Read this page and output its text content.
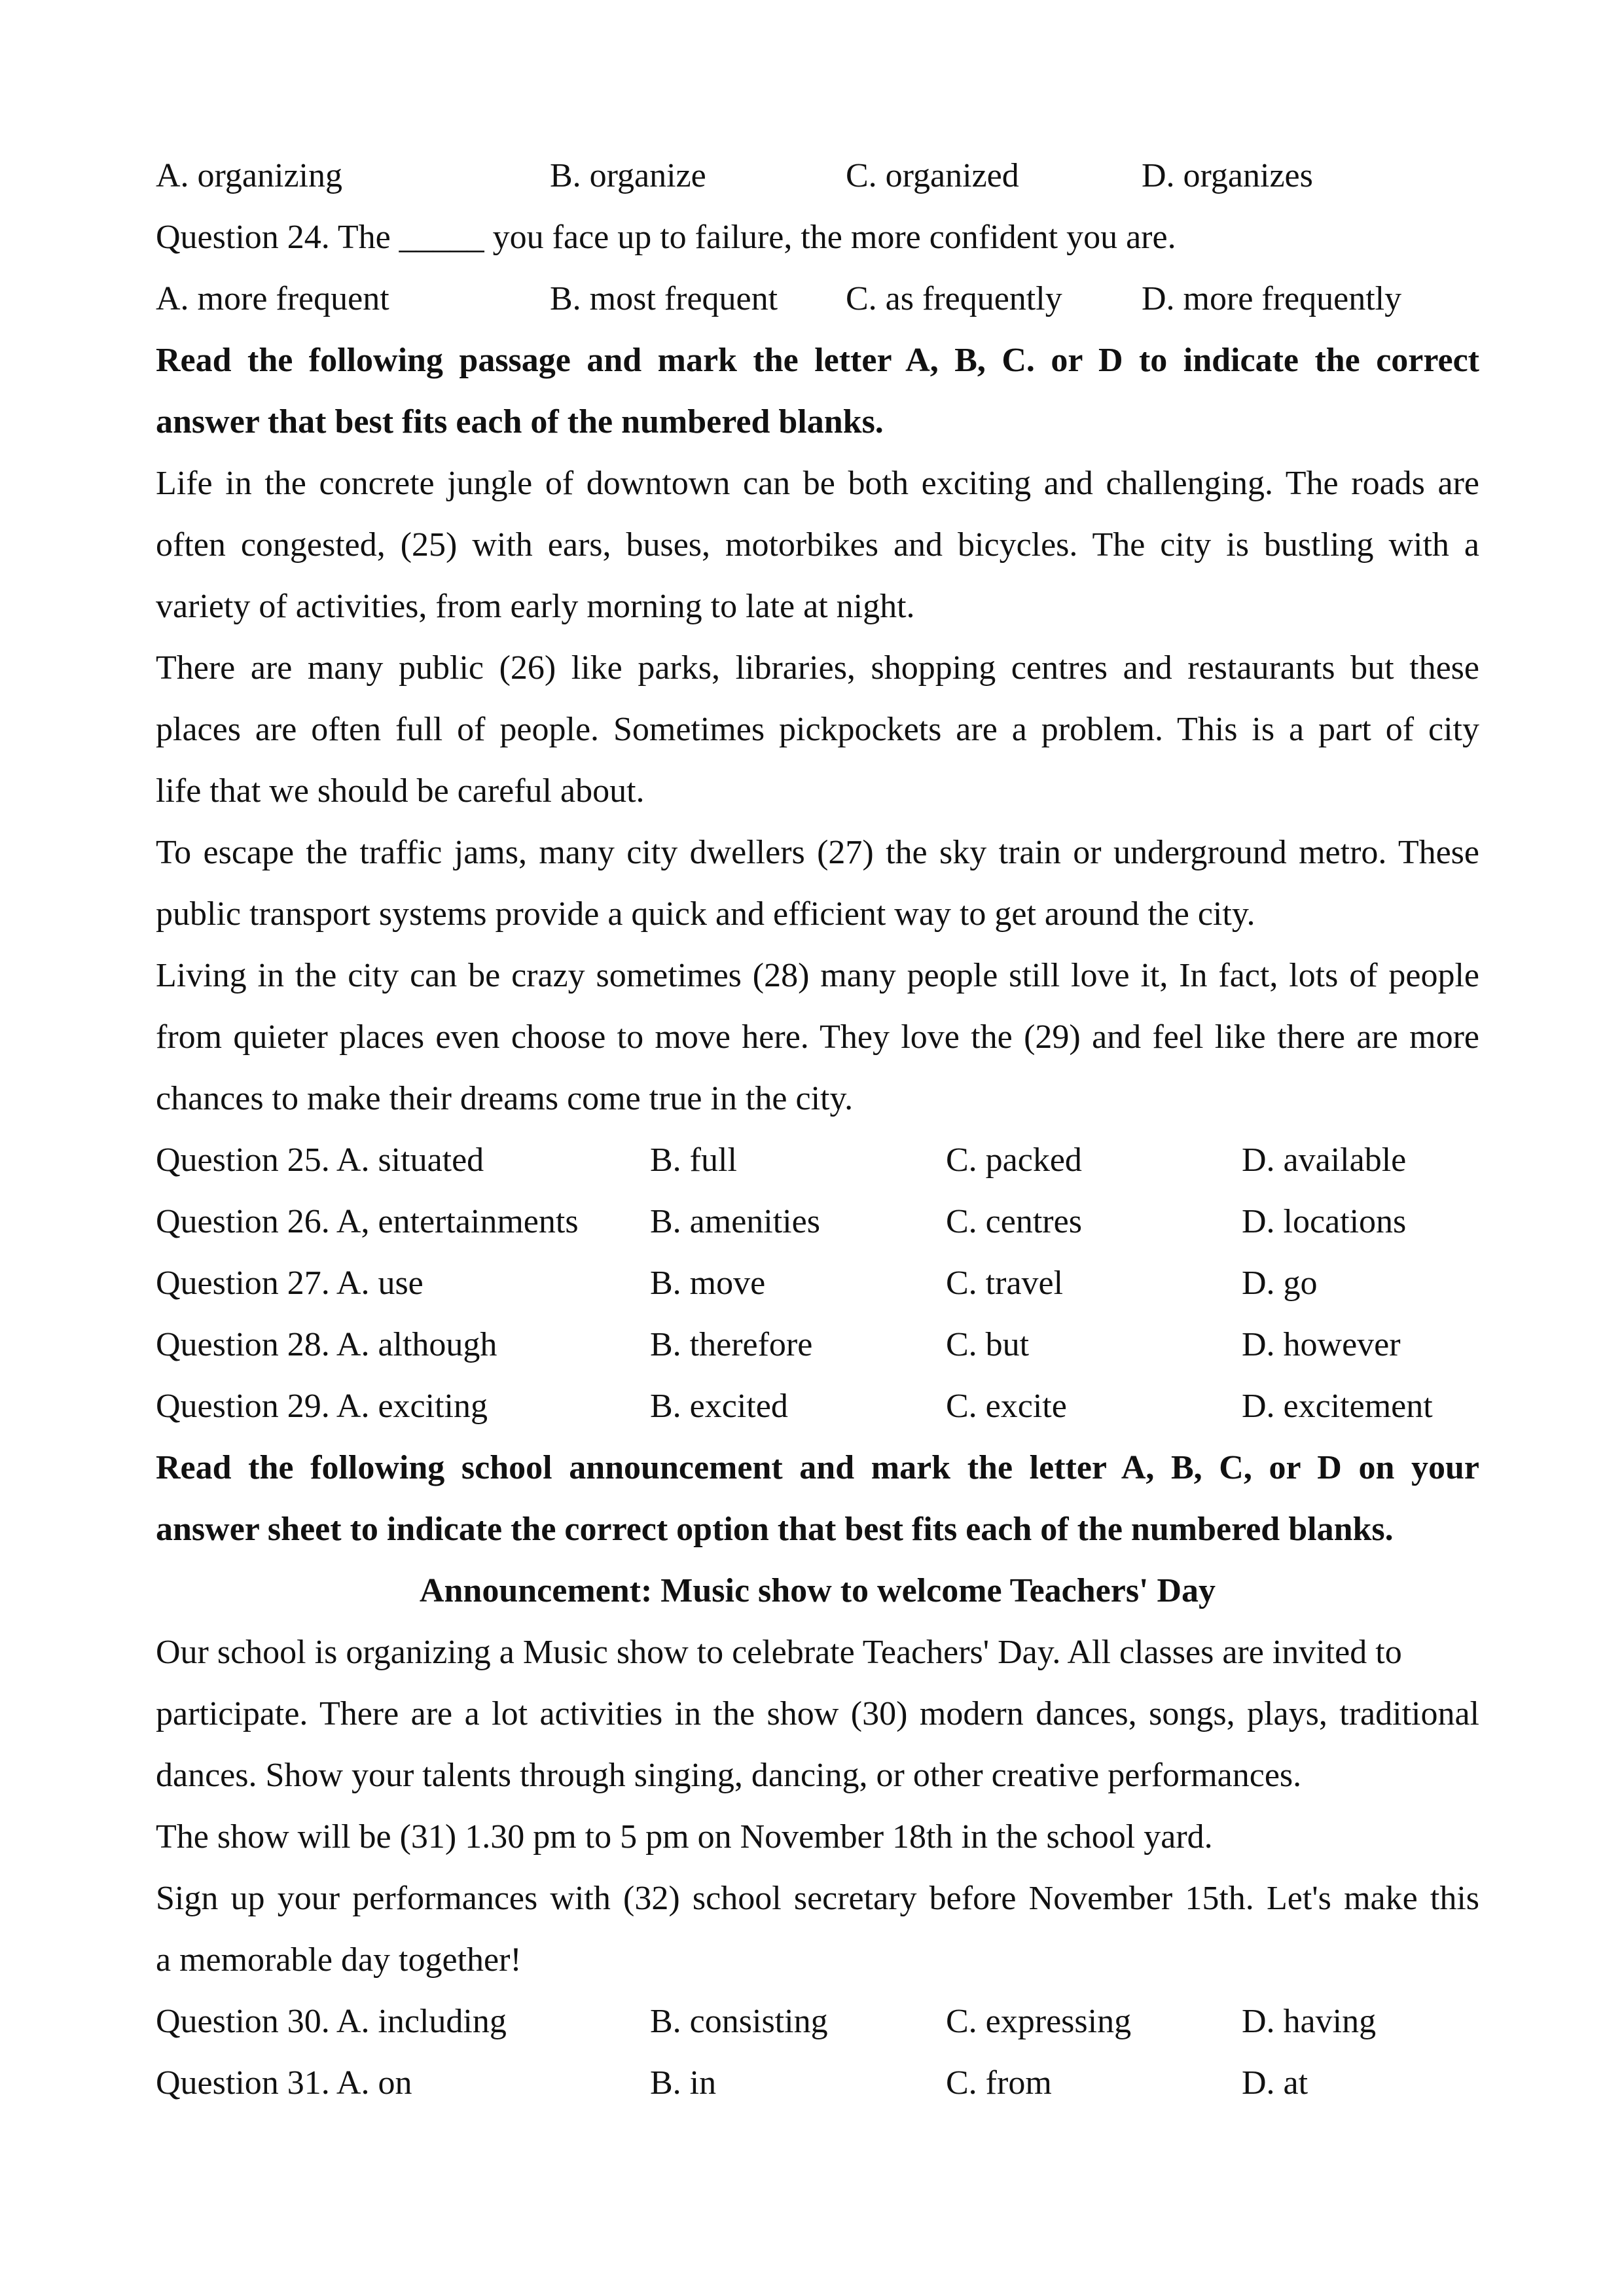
A. organizing	B. organize	C. organized	D. organizes
Question 24. The _____ you face up to failure, the more confident you are.
A. more frequent	B. most frequent C. as frequently D. more frequently
Read the following passage and mark the letter A, B, C. or D to indicate the correct
answer that best fits each of the numbered blanks.
Life in the concrete jungle of downtown can be both exciting and challenging. The roads are
often congested, (25) with ears, buses, motorbikes and bicycles. The city is bustling with a
variety of activities, from early morning to late at night.
There are many public (26) like parks, libraries, shopping centres and restaurants but these
places are often full of people. Sometimes pickpockets are a problem. This is a part of city
life that we should be careful about.
To escape the traffic jams, many city dwellers (27) the sky train or underground metro. These
public transport systems provide a quick and efficient way to get around the city.
Living in the city can be crazy sometimes (28) many people still love it, In fact, lots of people
from quieter places even choose to move here. They love the (29) and feel like there are more
chances to make their dreams come true in the city.
Question 25. A. situated	B. full	C. packed	D. available
Question 26. A, entertainments B. amenities	C. centres	D. locations
Question 27. A. use	B. move	C. travel	D. go
Question 28. A. although	B. therefore	C. but	D. however
Question 29. A. exciting	B. excited	C. excite	D. excitement
Read the following school announcement and mark the letter A, B, C, or D on your
answer sheet to indicate the correct option that best fits each of the numbered blanks.
Announcement: Music show to welcome Teachers' Day
Our school is organizing a Music show to celebrate Teachers' Day. All classes are invited to
participate. There are a lot activities in the show (30) modern dances, songs, plays, traditional
dances. Show your talents through singing, dancing, or other creative performances.
The show will be (31) 1.30 pm to 5 pm on November 18th in the school yard.
Sign up your performances with (32) school secretary before November 15th. Let's make this
a memorable day together!
Question 30. A. including	B. consisting	C. expressing	D. having
Question 31. A. on	B. in	C. from	D. at
